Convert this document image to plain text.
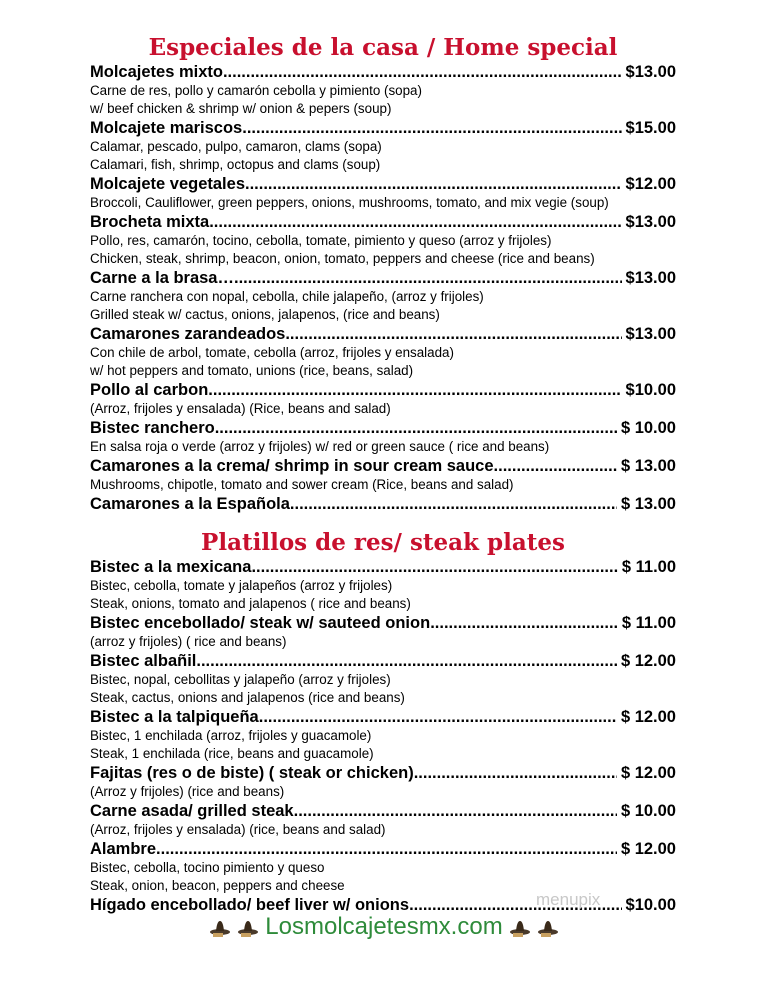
Especiales de la casa / Home special
Molcajetes mixto .....	$13.00
Carne de res, pollo y camarón cebolla y pimiento (sopa)
w/ beef chicken & shrimp w/ onion & pepers (soup)
Molcajete mariscos .....	$15.00
Calamar, pescado, pulpo, camaron, clams (sopa)
Calamari, fish, shrimp, octopus and clams (soup)
Molcajete vegetales .....	$12.00
Broccoli, Cauliflower, green peppers, onions, mushrooms, tomato, and mix vegie (soup)
Brocheta mixta .....	$13.00
Pollo, res, camarón, tocino, cebolla, tomate, pimiento y queso (arroz y frijoles)
Chicken, steak, shrimp, beacon, onion, tomato, peppers and cheese (rice and beans)
Carne a la brasa… .....	$13.00
Carne ranchera con nopal, cebolla, chile jalapeño, (arroz y frijoles)
Grilled steak w/ cactus, onions, jalapenos, (rice and beans)
Camarones zarandeados .....	$13.00
Con chile de arbol, tomate, cebolla (arroz, frijoles y ensalada)
w/ hot peppers and tomato, unions (rice, beans, salad)
Pollo al carbon .....	$10.00
(Arroz, frijoles y ensalada) (Rice, beans and salad)
Bistec ranchero .....	$ 10.00
En salsa roja o verde (arroz y frijoles) w/ red or green sauce ( rice and beans)
Camarones a la crema/ shrimp in sour cream sauce .....	$ 13.00
Mushrooms, chipotle, tomato and sower cream (Rice, beans and salad)
Camarones a la Española .....	$ 13.00
Platillos de res/ steak plates
Bistec a la mexicana .....	$ 11.00
Bistec, cebolla, tomate y jalapeños (arroz y frijoles)
Steak, onions, tomato and jalapenos ( rice and beans)
Bistec encebollado/ steak w/ sauteed onion .....	$ 11.00
(arroz y frijoles) ( rice and beans)
Bistec albañil .....	$ 12.00
Bistec, nopal, cebollitas y jalapeño (arroz y frijoles)
Steak, cactus, onions and jalapenos (rice and beans)
Bistec a la talpiqueña .....	$ 12.00
Bistec, 1 enchilada (arroz, frijoles y guacamole)
Steak, 1 enchilada (rice, beans and guacamole)
Fajitas (res o de biste) ( steak or chicken) .....	$ 12.00
(Arroz y frijoles) (rice and beans)
Carne asada/ grilled steak .....	$ 10.00
(Arroz, frijoles y ensalada) (rice, beans and salad)
Alambre .....	$ 12.00
Bistec, cebolla, tocino pimiento y queso
Steak, onion, beacon, peppers and cheese
Hígado encebollado/ beef liver w/ onions .....	$10.00
menupix
Losmolcajetesmx.com
